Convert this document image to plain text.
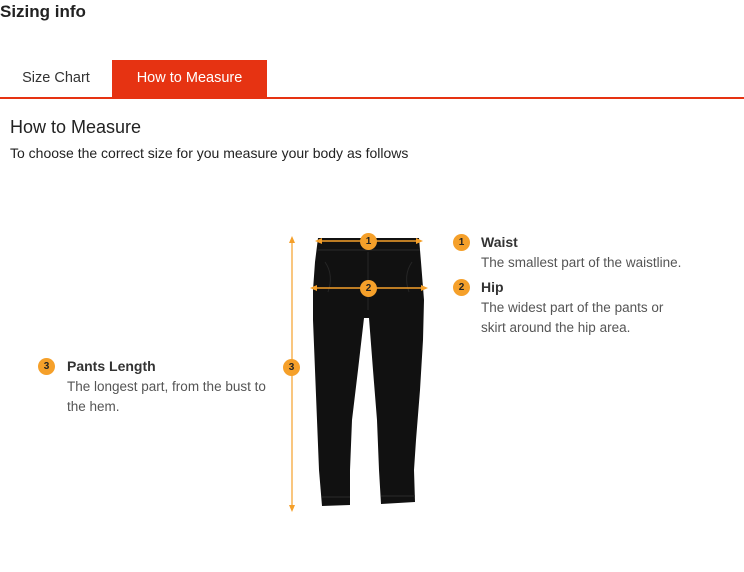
Sizing info
Size Chart	How to Measure
How to Measure
To choose the correct size for you measure your body as follows
1
2
3
1	Waist
The smallest part of the waistline.
2	Hip
The widest part of the pants or skirt around the hip area.
3	Pants Length
The longest part, from the bust to the hem.
